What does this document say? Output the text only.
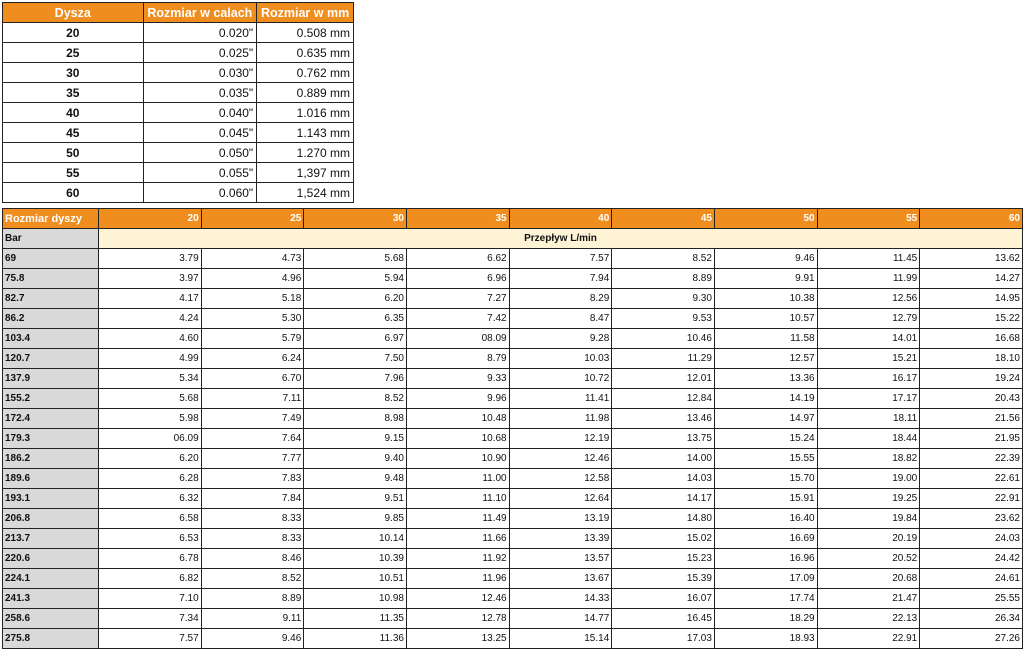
Dysza	Rozmiar w calach	Rozmiar w mm
20	0.020"	0.508 mm
25	0.025"	0.635 mm
30	0.030"	0.762 mm
35	0.035"	0.889 mm
40	0.040"	1.016 mm
45	0.045"	1.143 mm
50	0.050"	1.270 mm
55	0.055"	1,397 mm
60	0.060"	1,524 mm
Rozmiar dyszy	20	25	30	35	40	45	50	55	60
Bar	Przepływ L/min								
69	3.79	4.73	5.68	6.62	7.57	8.52	9.46	11.45	13.62
75.8	3.97	4.96	5.94	6.96	7.94	8.89	9.91	11.99	14.27
82.7	4.17	5.18	6.20	7.27	8.29	9.30	10.38	12.56	14.95
86.2	4.24	5.30	6.35	7.42	8.47	9.53	10.57	12.79	15.22
103.4	4.60	5.79	6.97	08.09	9.28	10.46	11.58	14.01	16.68
120.7	4.99	6.24	7.50	8.79	10.03	11.29	12.57	15.21	18.10
137.9	5.34	6.70	7.96	9.33	10.72	12.01	13.36	16.17	19.24
155.2	5.68	7.11	8.52	9.96	11.41	12.84	14.19	17.17	20.43
172.4	5.98	7.49	8.98	10.48	11.98	13.46	14.97	18.11	21.56
179.3	06.09	7.64	9.15	10.68	12.19	13.75	15.24	18.44	21.95
186.2	6.20	7.77	9.40	10.90	12.46	14.00	15.55	18.82	22.39
189.6	6.28	7.83	9.48	11.00	12.58	14.03	15.70	19.00	22.61
193.1	6.32	7.84	9.51	11.10	12.64	14.17	15.91	19.25	22.91
206.8	6.58	8.33	9.85	11.49	13.19	14.80	16.40	19.84	23.62
213.7	6.53	8.33	10.14	11.66	13.39	15.02	16.69	20.19	24.03
220.6	6.78	8.46	10.39	11.92	13.57	15.23	16.96	20.52	24.42
224.1	6.82	8.52	10.51	11.96	13.67	15.39	17.09	20.68	24.61
241.3	7.10	8.89	10.98	12.46	14.33	16.07	17.74	21.47	25.55
258.6	7.34	9.11	11.35	12.78	14.77	16.45	18.29	22.13	26.34
275.8	7.57	9.46	11.36	13.25	15.14	17.03	18.93	22.91	27.26
